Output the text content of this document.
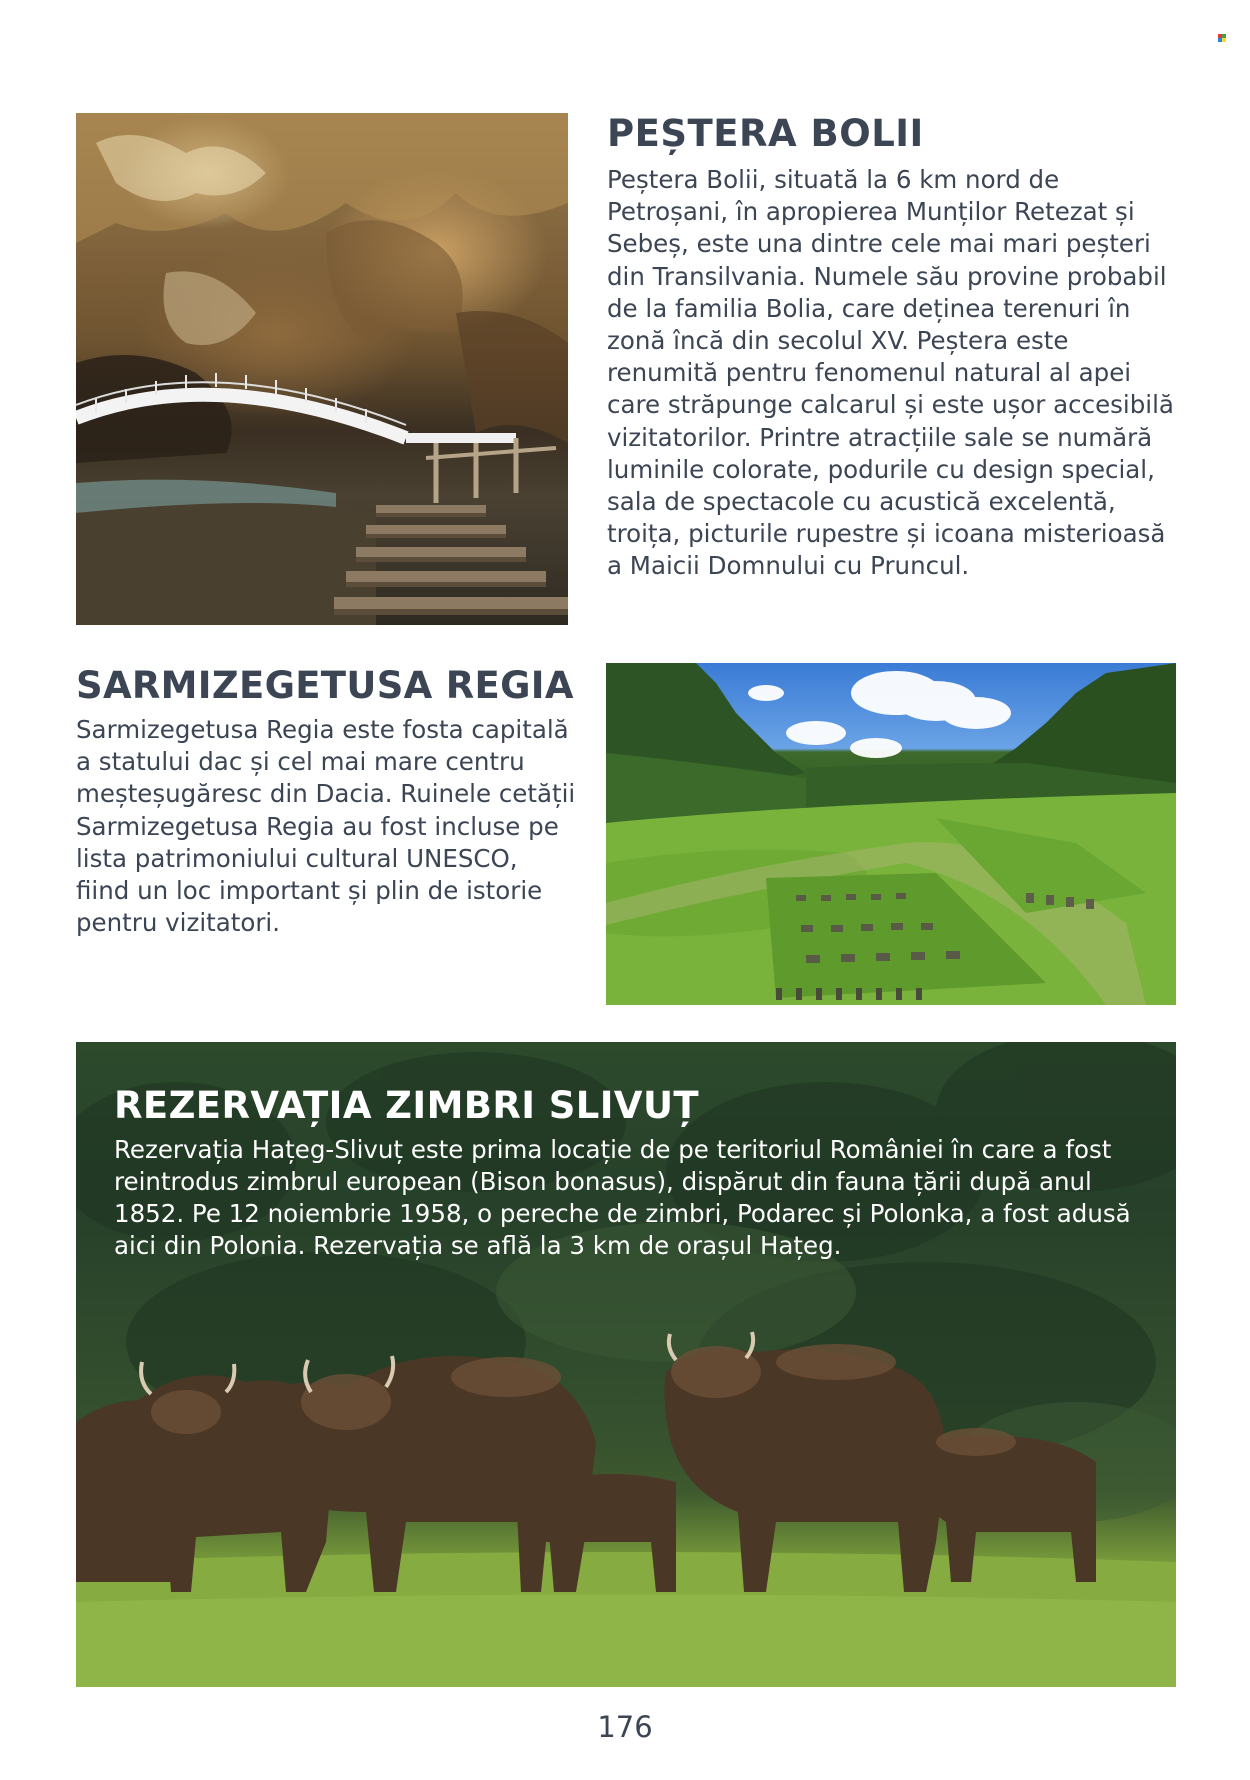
PEȘTERA BOLII

Peștera Bolii, situată la 6 km nord de Petroșani, în apropierea Munților Retezat și Sebeș, este una dintre cele mai mari peșteri din Transilvania. Numele său provine probabil de la familia Bolia, care deținea terenuri în zonă încă din secolul XV. Peștera este renumită pentru fenomenul natural al apei care străpunge calcarul și este ușor accesibilă vizitatorilor. Printre atracțiile sale se numără luminile colorate, podurile cu design special, sala de spectacole cu acustică excelentă, troița, picturile rupestre și icoana misterioasă a Maicii Domnului cu Pruncul.

SARMIZEGETUSA REGIA

Sarmizegetusa Regia este fosta capitală a statului dac și cel mai mare centru meșteșugăresc din Dacia. Ruinele cetății Sarmizegetusa Regia au fost incluse pe lista patrimoniului cultural UNESCO, fiind un loc important și plin de istorie pentru vizitatori.

REZERVAȚIA ZIMBRI SLIVUȚ

Rezervația Hațeg-Slivuț este prima locație de pe teritoriul României în care a fost reintrodus zimbrul european (Bison bonasus), dispărut din fauna țării după anul 1852. Pe 12 noiembrie 1958, o pereche de zimbri, Podarec și Polonka, a fost adusă aici din Polonia. Rezervația se află la 3 km de orașul Hațeg.

176
